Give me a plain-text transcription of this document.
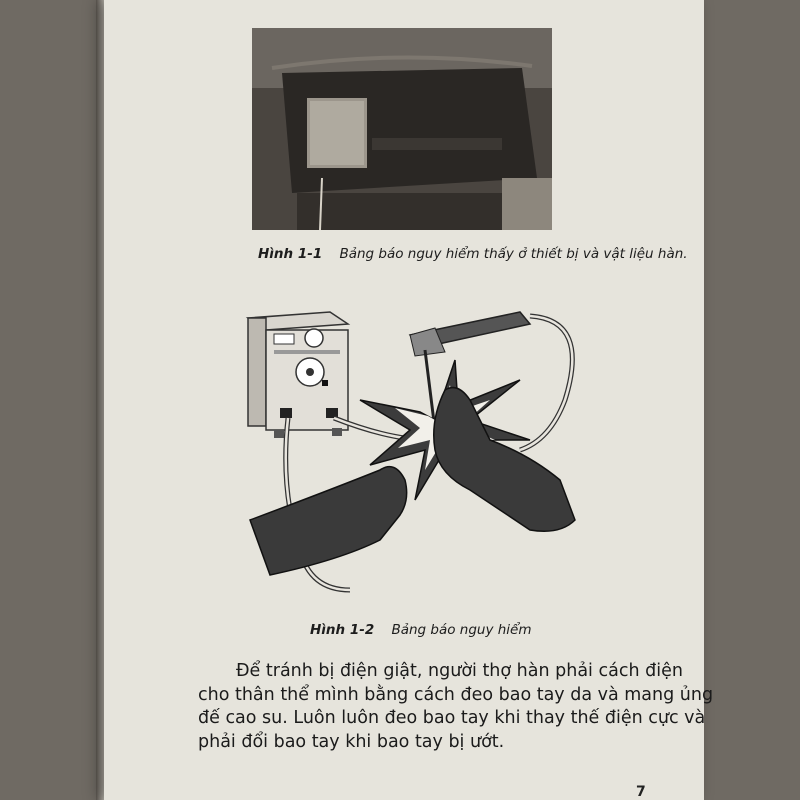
Hình 1-1 Bảng báo nguy hiểm thấy ở thiết bị và vật liệu hàn.
Hình 1-2 Bảng báo nguy hiểm

Để tránh bị điện giật, người thợ hàn phải cách điện
cho thân thể mình bằng cách đeo bao tay da và mang ủng
đế cao su. Luôn luôn đeo bao tay khi thay thế điện cực và
phải đổi bao tay khi bao tay bị ướt.

7
